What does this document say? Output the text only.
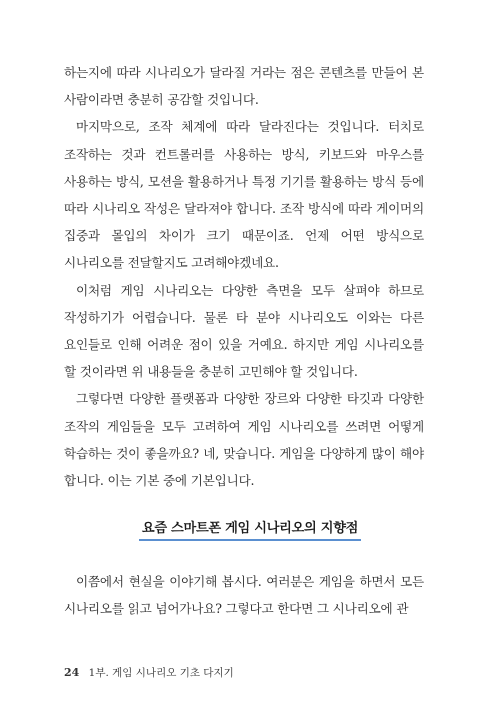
하는지에 따라 시나리오가 달라질 거라는 점은 콘텐츠를 만들어 본 사람이라면 충분히 공감할 것입니다.

마지막으로, 조작 체계에 따라 달라진다는 것입니다. 터치로 조작하는 것과 컨트롤러를 사용하는 방식, 키보드와 마우스를 사용하는 방식, 모션을 활용하거나 특정 기기를 활용하는 방식 등에 따라 시나리오 작성은 달라져야 합니다. 조작 방식에 따라 게이머의 집중과 몰입의 차이가 크기 때문이죠. 언제 어떤 방식으로 시나리오를 전달할지도 고려해야겠네요.

이처럼 게임 시나리오는 다양한 측면을 모두 살펴야 하므로 작성하기가 어렵습니다. 물론 타 분야 시나리오도 이와는 다른 요인들로 인해 어려운 점이 있을 거예요. 하지만 게임 시나리오를 할 것이라면 위 내용들을 충분히 고민해야 할 것입니다.

그렇다면 다양한 플랫폼과 다양한 장르와 다양한 타깃과 다양한 조작의 게임들을 모두 고려하여 게임 시나리오를 쓰려면 어떻게 학습하는 것이 좋을까요? 네, 맞습니다. 게임을 다양하게 많이 해야 합니다. 이는 기본 중에 기본입니다.

요즘 스마트폰 게임 시나리오의 지향점

이쯤에서 현실을 이야기해 봅시다. 여러분은 게임을 하면서 모든 시나리오를 읽고 넘어가나요? 그렇다고 한다면 그 시나리오에 관

24 1부. 게임 시나리오 기초 다지기
